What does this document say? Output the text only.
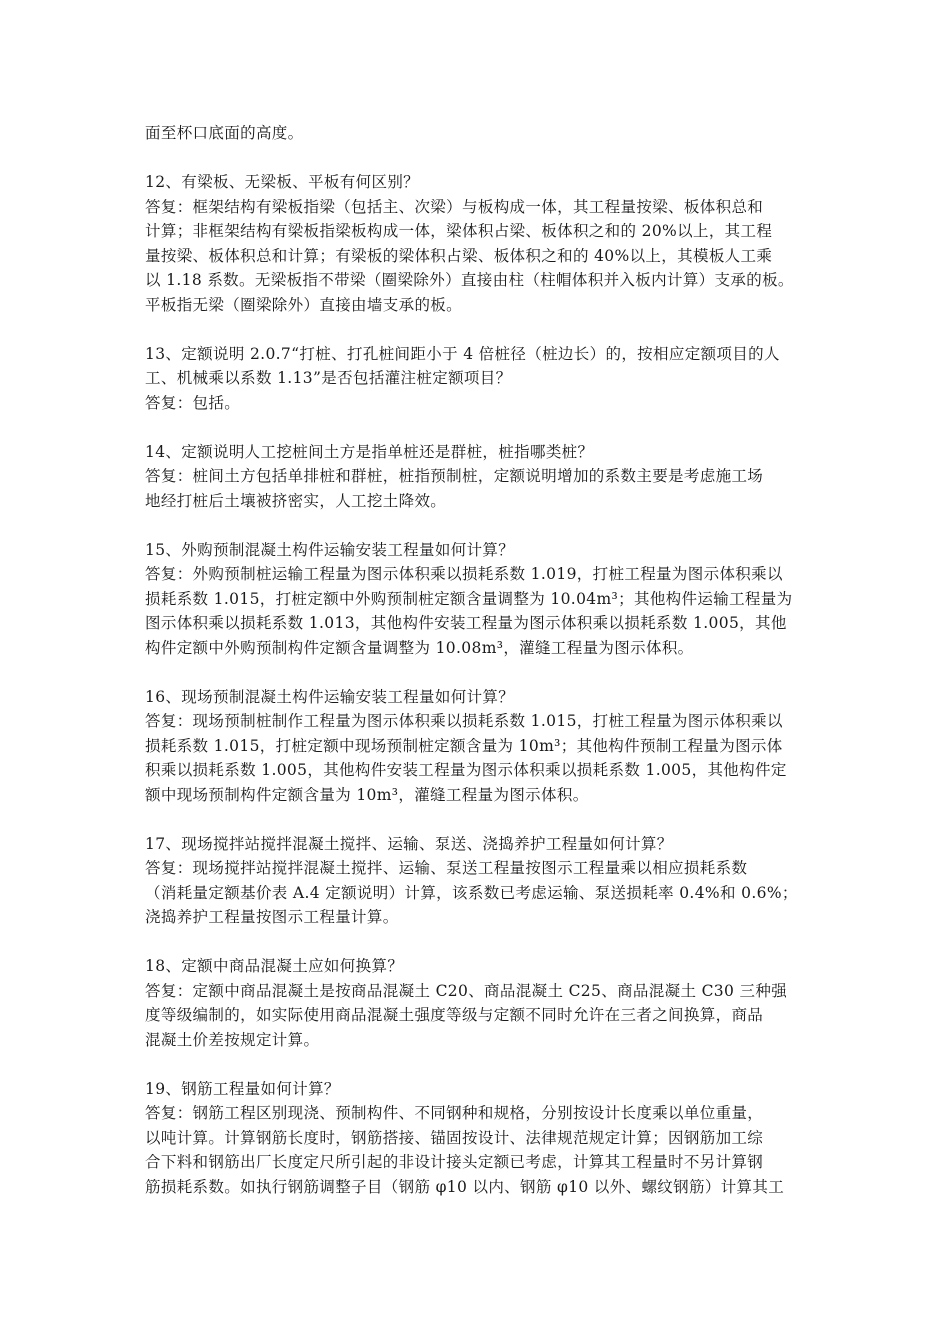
面至杯口底面的高度。
12、有梁板、无梁板、平板有何区别？
答复：框架结构有梁板指梁（包括主、次梁）与板构成一体，其工程量按梁、板体积总和
计算；非框架结构有梁板指梁板构成一体，梁体积占梁、板体积之和的 20%以上，其工程
量按梁、板体积总和计算；有梁板的梁体积占梁、板体积之和的 40%以上，其模板人工乘
以 1.18 系数。无梁板指不带梁（圈梁除外）直接由柱（柱帽体积并入板内计算）支承的板。
平板指无梁（圈梁除外）直接由墙支承的板。
13、定额说明 2.0.7“打桩、打孔桩间距小于 4 倍桩径（桩边长）的，按相应定额项目的人
工、机械乘以系数 1.13”是否包括灌注桩定额项目？
答复：包括。
14、定额说明人工挖桩间土方是指单桩还是群桩，桩指哪类桩？
答复：桩间土方包括单排桩和群桩，桩指预制桩，定额说明增加的系数主要是考虑施工场
地经打桩后土壤被挤密实，人工挖土降效。
15、外购预制混凝土构件运输安装工程量如何计算？
答复：外购预制桩运输工程量为图示体积乘以损耗系数 1.019，打桩工程量为图示体积乘以
损耗系数 1.015，打桩定额中外购预制桩定额含量调整为 10.04m³；其他构件运输工程量为
图示体积乘以损耗系数 1.013，其他构件安装工程量为图示体积乘以损耗系数 1.005，其他
构件定额中外购预制构件定额含量调整为 10.08m³，灌缝工程量为图示体积。
16、现场预制混凝土构件运输安装工程量如何计算？
答复：现场预制桩制作工程量为图示体积乘以损耗系数 1.015，打桩工程量为图示体积乘以
损耗系数 1.015，打桩定额中现场预制桩定额含量为 10m³；其他构件预制工程量为图示体
积乘以损耗系数 1.005，其他构件安装工程量为图示体积乘以损耗系数 1.005，其他构件定
额中现场预制构件定额含量为 10m³，灌缝工程量为图示体积。
17、现场搅拌站搅拌混凝土搅拌、运输、泵送、浇捣养护工程量如何计算？
答复：现场搅拌站搅拌混凝土搅拌、运输、泵送工程量按图示工程量乘以相应损耗系数
（消耗量定额基价表 A.4 定额说明）计算，该系数已考虑运输、泵送损耗率 0.4%和 0.6%；
浇捣养护工程量按图示工程量计算。
18、定额中商品混凝土应如何换算？
答复：定额中商品混凝土是按商品混凝土 C20、商品混凝土 C25、商品混凝土 C30 三种强
度等级编制的，如实际使用商品混凝土强度等级与定额不同时允许在三者之间换算，商品
混凝土价差按规定计算。
19、钢筋工程量如何计算？
答复：钢筋工程区别现浇、预制构件、不同钢种和规格，分别按设计长度乘以单位重量，
以吨计算。计算钢筋长度时，钢筋搭接、锚固按设计、法律规范规定计算；因钢筋加工综
合下料和钢筋出厂长度定尺所引起的非设计接头定额已考虑，计算其工程量时不另计算钢
筋损耗系数。如执行钢筋调整子目（钢筋 φ10 以内、钢筋 φ10 以外、螺纹钢筋）计算其工
